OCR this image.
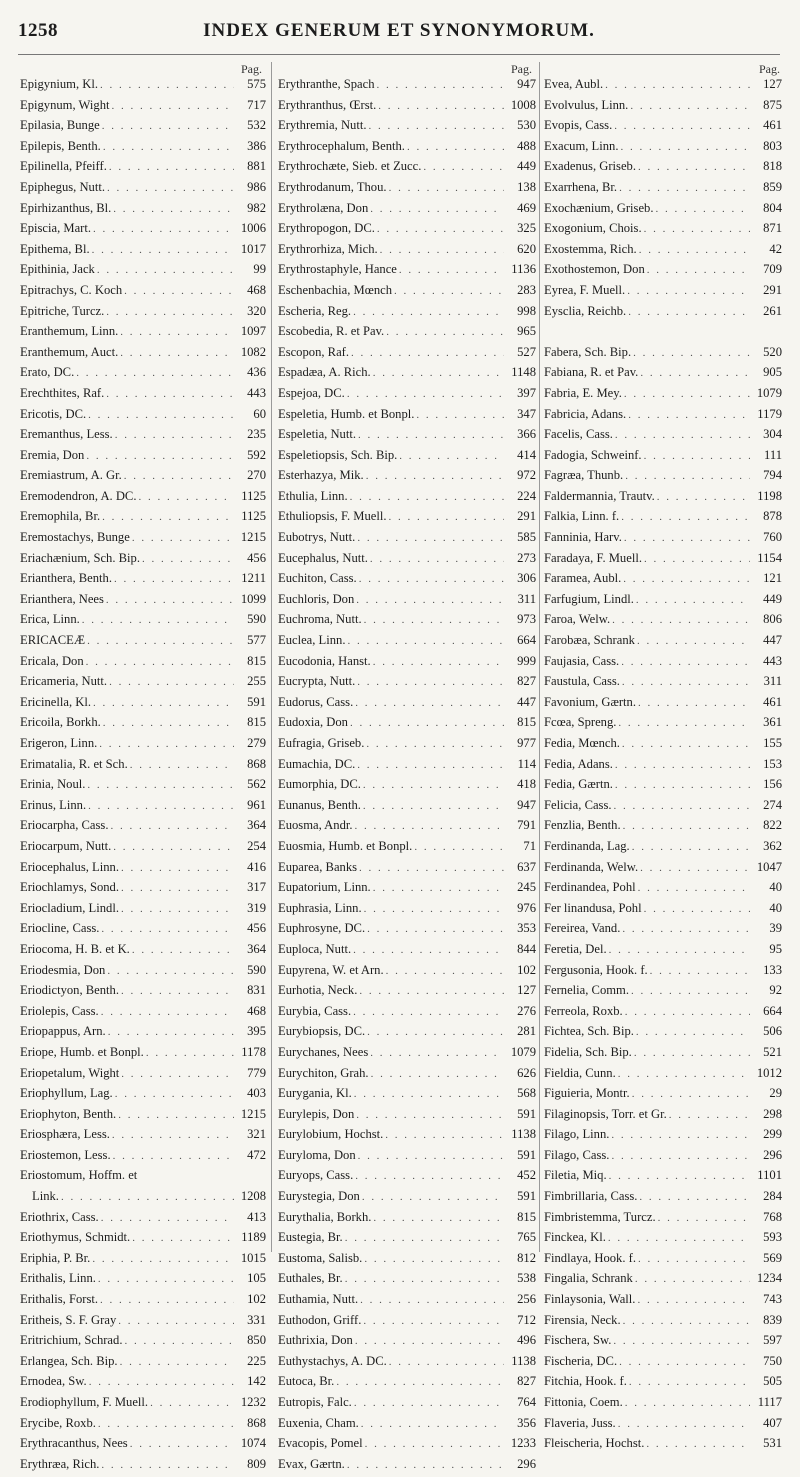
1258	INDEX GENERUM ET SYNONYMORUM.
Pag.
Epigynium, Kl. . . .	575
Epigynum, Wight . . .	717
Epilasia, Bunge . . .	532
Epilepis, Benth. . . .	386
Epilinella, Pfeiff. . . .	881
Epiphegus, Nutt. . . .	986
Epirhizanthus, Bl. . . .	982
Episcia, Mart. . . .	1006
Epithema, Bl. . . .	1017
Epithinia, Jack . . .	99
Epitrachys, C. Koch . . .	468
Epitriche, Turcz. . . .	320
Eranthemum, Linn. . . .	1097
Eranthemum, Auct. . . .	1082
Erato, DC. . . .	436
Erechthites, Raf. . . .	443
Ericotis, DC. . . .	60
Eremanthus, Less. . . .	235
Eremia, Don . . .	592
Eremiastrum, A. Gr. . . .	270
Eremodendron, A. DC. . . .	1125
Eremophila, Br. . . .	1125
Eremostachys, Bunge . . .	1215
Eriachænium, Sch. Bip. . . .	456
Erianthera, Benth. . . .	1211
Erianthera, Nees . . .	1099
Erica, Linn. . . .	590
ERICACEÆ . . .	577
Ericala, Don . . .	815
Ericameria, Nutt. . . .	255
Ericinella, Kl. . . .	591
Ericoila, Borkh. . . .	815
Erigeron, Linn. . . .	279
Erimatalia, R. et Sch. . . .	868
Erinia, Noul. . . .	562
Erinus, Linn. . . .	961
Eriocarpha, Cass. . . .	364
Eriocarpum, Nutt. . . .	254
Eriocephalus, Linn. . . .	416
Eriochlamys, Sond. . . .	317
Eriocladium, Lindl. . . .	319
Eriocline, Cass. . . .	456
Eriocoma, H. B. et K. . . .	364
Eriodesmia, Don . . .	590
Eriodictyon, Benth. . . .	831
Eriolepis, Cass. . . .	468
Eriopappus, Arn. . . .	395
Eriope, Humb. et Bonpl. . . .	1178
Eriopetalum, Wight . . .	779
Eriophyllum, Lag. . . .	403
Eriophyton, Benth. . . .	1215
Eriosphæra, Less. . . .	321
Eriostemon, Less. . . .	472
Eriostomum, Hoffm. et
Link. . . .	1208
Eriothrix, Cass. . . .	413
Eriothymus, Schmidt. . . .	1189
Eriphia, P. Br. . . .	1015
Erithalis, Linn. . . .	105
Erithalis, Forst. . . .	102
Eritheis, S. F. Gray . . .	331
Eritrichium, Schrad. . . .	850
Erlangea, Sch. Bip. . . .	225
Ernodea, Sw. . . .	142
Erodiophyllum, F. Muell. . . .	1232
Erycibe, Roxb. . . .	868
Erythracanthus, Nees . . .	1074
Erythræa, Rich. . . .	809
Pag.
Erythranthe, Spach . . .	947
Erythranthus, Œrst. . . .	1008
Erythremia, Nutt. . . .	530
Erythrocephalum, Benth. . . .	488
Erythrochæte, Sieb. et Zucc. . . .	449
Erythrodanum, Thou. . . .	138
Erythrolæna, Don . . .	469
Erythropogon, DC. . . .	325
Erythrorhiza, Mich. . . .	620
Erythrostaphyle, Hance . . .	1136
Eschenbachia, Mœnch . . .	283
Escheria, Reg. . . .	998
Escobedia, R. et Pav. . . .	965
Escopon, Raf. . . .	527
Espadæa, A. Rich. . . .	1148
Espejoa, DC. . . .	397
Espeletia, Humb. et Bonpl. . . .	347
Espeletia, Nutt. . . .	366
Espeletiopsis, Sch. Bip. . . .	414
Esterhazya, Mik. . . .	972
Ethulia, Linn. . . .	224
Ethuliopsis, F. Muell. . . .	291
Eubotrys, Nutt. . . .	585
Eucephalus, Nutt. . . .	273
Euchiton, Cass. . . .	306
Euchloris, Don . . .	311
Euchroma, Nutt. . . .	973
Euclea, Linn. . . .	664
Eucodonia, Hanst. . . .	999
Eucrypta, Nutt. . . .	827
Eudorus, Cass. . . .	447
Eudoxia, Don . . .	815
Eufragia, Griseb. . . .	977
Eumachia, DC. . . .	114
Eumorphia, DC. . . .	418
Eunanus, Benth. . . .	947
Euosma, Andr. . . .	791
Euosmia, Humb. et Bonpl. . . .	71
Euparea, Banks . . .	637
Eupatorium, Linn. . . .	245
Euphrasia, Linn. . . .	976
Euphrosyne, DC. . . .	353
Euploca, Nutt. . . .	844
Eupyrena, W. et Arn. . . .	102
Eurhotia, Neck. . . .	127
Eurybia, Cass. . . .	276
Eurybiopsis, DC. . . .	281
Eurychanes, Nees . . .	1079
Eurychiton, Grah. . . .	626
Eurygania, Kl. . . .	568
Eurylepis, Don . . .	591
Eurylobium, Hochst. . . .	1138
Euryloma, Don . . .	591
Euryops, Cass. . . .	452
Eurystegia, Don . . .	591
Eurythalia, Borkh. . . .	815
Eustegia, Br. . . .	765
Eustoma, Salisb. . . .	812
Euthales, Br. . . .	538
Euthamia, Nutt. . . .	256
Euthodon, Griff. . . .	712
Euthrixia, Don . . .	496
Euthystachys, A. DC. . . .	1138
Eutoca, Br. . . .	827
Eutropis, Falc. . . .	764
Euxenia, Cham. . . .	356
Evacopis, Pomel . . .	1233
Evax, Gærtn. . . .	296
Pag.
Evea, Aubl. . . .	127
Evolvulus, Linn. . . .	875
Evopis, Cass. . . .	461
Exacum, Linn. . . .	803
Exadenus, Griseb. . . .	818
Exarrhena, Br. . . .	859
Exochænium, Griseb. . . .	804
Exogonium, Chois. . . .	871
Exostemma, Rich. . . .	42
Exothostemon, Don . . .	709
Eyrea, F. Muell. . . .	291
Eysclia, Reichb. . . .	261
Fabera, Sch. Bip. . . .	520
Fabiana, R. et Pav. . . .	905
Fabria, E. Mey. . . .	1079
Fabricia, Adans. . . .	1179
Facelis, Cass. . . .	304
Fadogia, Schweinf. . . .	111
Fagræa, Thunb. . . .	794
Faldermannia, Trautv. . . .	1198
Falkia, Linn. f. . . .	878
Fanninia, Harv. . . .	760
Faradaya, F. Muell. . . .	1154
Faramea, Aubl. . . .	121
Farfugium, Lindl. . . .	449
Faroa, Welw. . . .	806
Farobæa, Schrank . . .	447
Faujasia, Cass. . . .	443
Faustula, Cass. . . .	311
Favonium, Gærtn. . . .	461
Fcœa, Spreng. . . .	361
Fedia, Mœnch. . . .	155
Fedia, Adans. . . .	153
Fedia, Gærtn. . . .	156
Felicia, Cass. . . .	274
Fenzlia, Benth. . . .	822
Ferdinanda, Lag. . . .	362
Ferdinanda, Welw. . . .	1047
Ferdinandea, Pohl . . .	40
Fer linandusa, Pohl . . .	40
Fereirea, Vand. . . .	39
Feretia, Del. . . .	95
Fergusonia, Hook. f. . . .	133
Fernelia, Comm. . . .	92
Ferreola, Roxb. . . .	664
Fichtea, Sch. Bip. . . .	506
Fidelia, Sch. Bip. . . .	521
Fieldia, Cunn. . . .	1012
Figuieria, Montr. . . .	29
Filaginopsis, Torr. et Gr. . . .	298
Filago, Linn. . . .	299
Filago, Cass. . . .	296
Filetia, Miq. . . .	1101
Fimbrillaria, Cass. . . .	284
Fimbristemma, Turcz. . . .	768
Finckea, Kl. . . .	593
Findlaya, Hook. f. . . .	569
Fingalia, Schrank . . .	1234
Finlaysonia, Wall. . . .	743
Firensia, Neck. . . .	839
Fischera, Sw. . . .	597
Fischeria, DC. . . .	750
Fitchia, Hook. f. . . .	505
Fittonia, Coem. . . .	1117
Flaveria, Juss. . . .	407
Fleischeria, Hochst. . . .	531
